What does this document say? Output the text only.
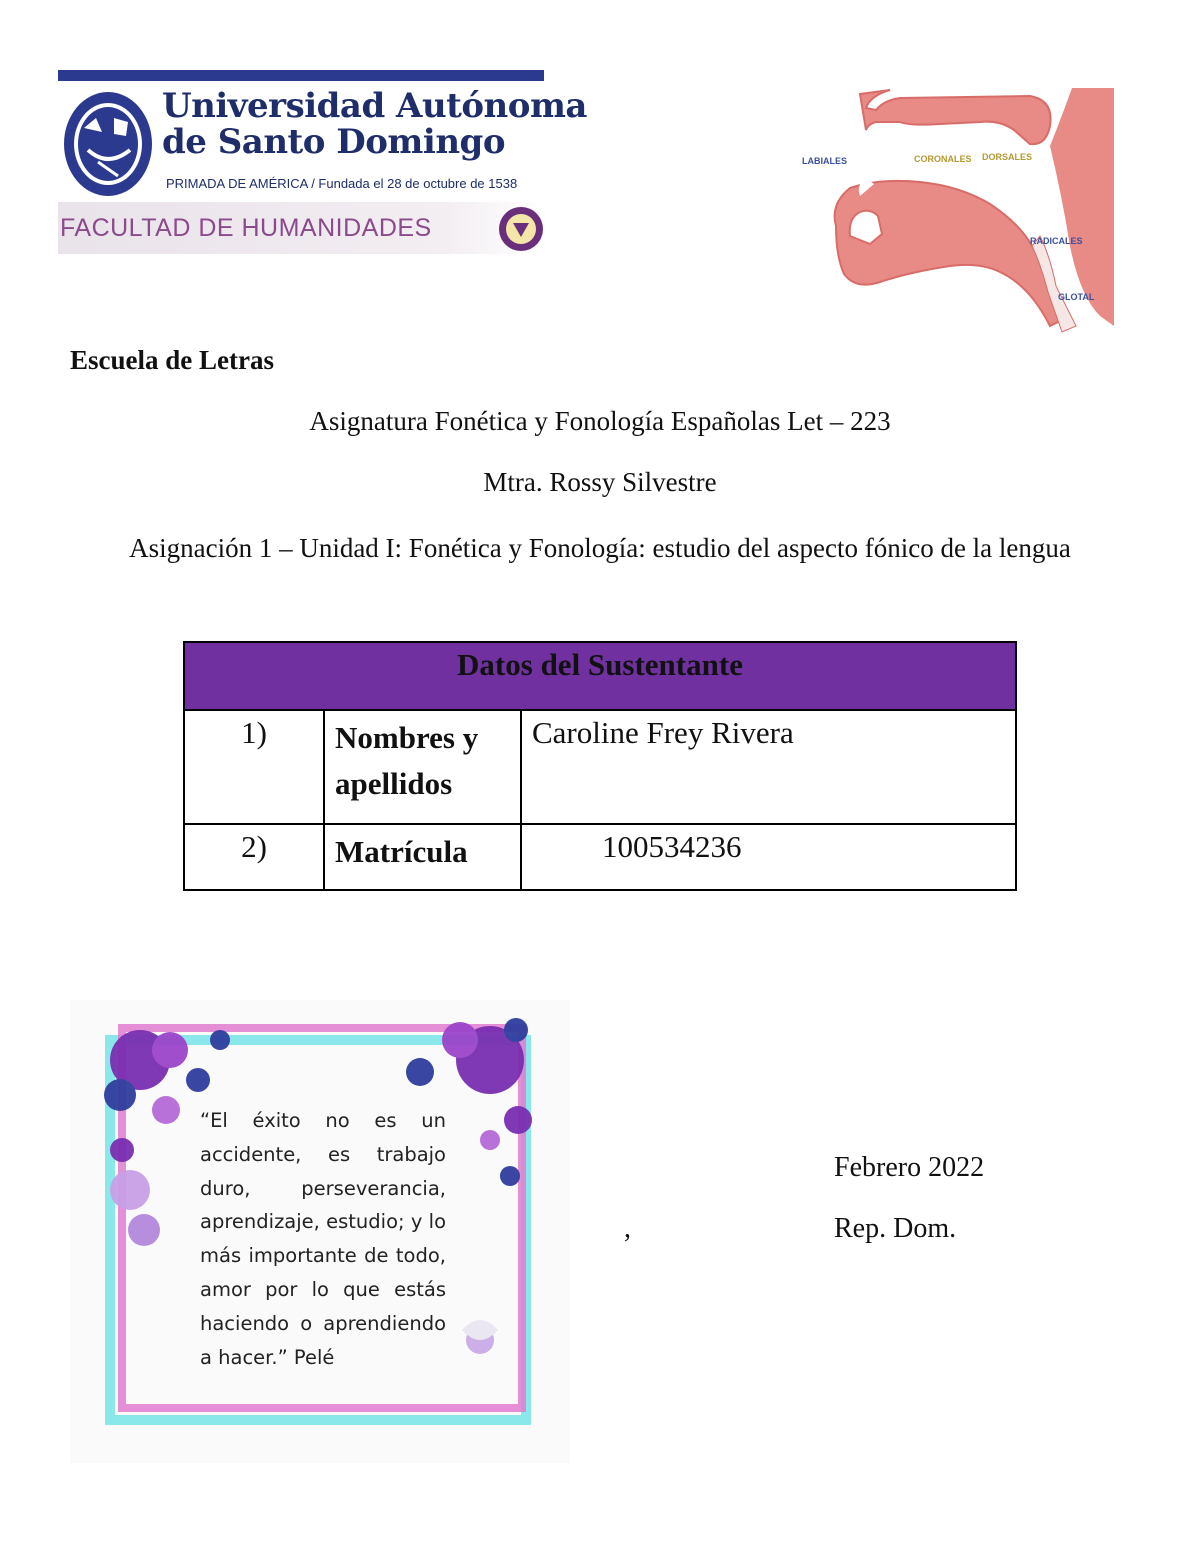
Universidad Autónoma
de Santo Domingo
PRIMADA DE AMÉRICA / Fundada el 28 de octubre de 1538
FACULTAD DE HUMANIDADES
LABIALES	CORONALES DORSALES
RADICALES
GLOTAL
Escuela de Letras
Asignatura Fonética y Fonología Españolas Let – 223
Mtra. Rossy Silvestre
Asignación 1 – Unidad I: Fonética y Fonología: estudio del aspecto fónico de la lengua
Datos del Sustentante		
1)	Nombres y apellidos	Caroline Frey Rivera
2)	Matrícula	100534236

“El éxito no es un accidente, es trabajo duro, perseverancia, aprendizaje, estudio; y lo más importante de todo, amor por lo que estás haciendo o aprendiendo a hacer.” Pelé

,
Febrero 2022
Rep. Dom.
